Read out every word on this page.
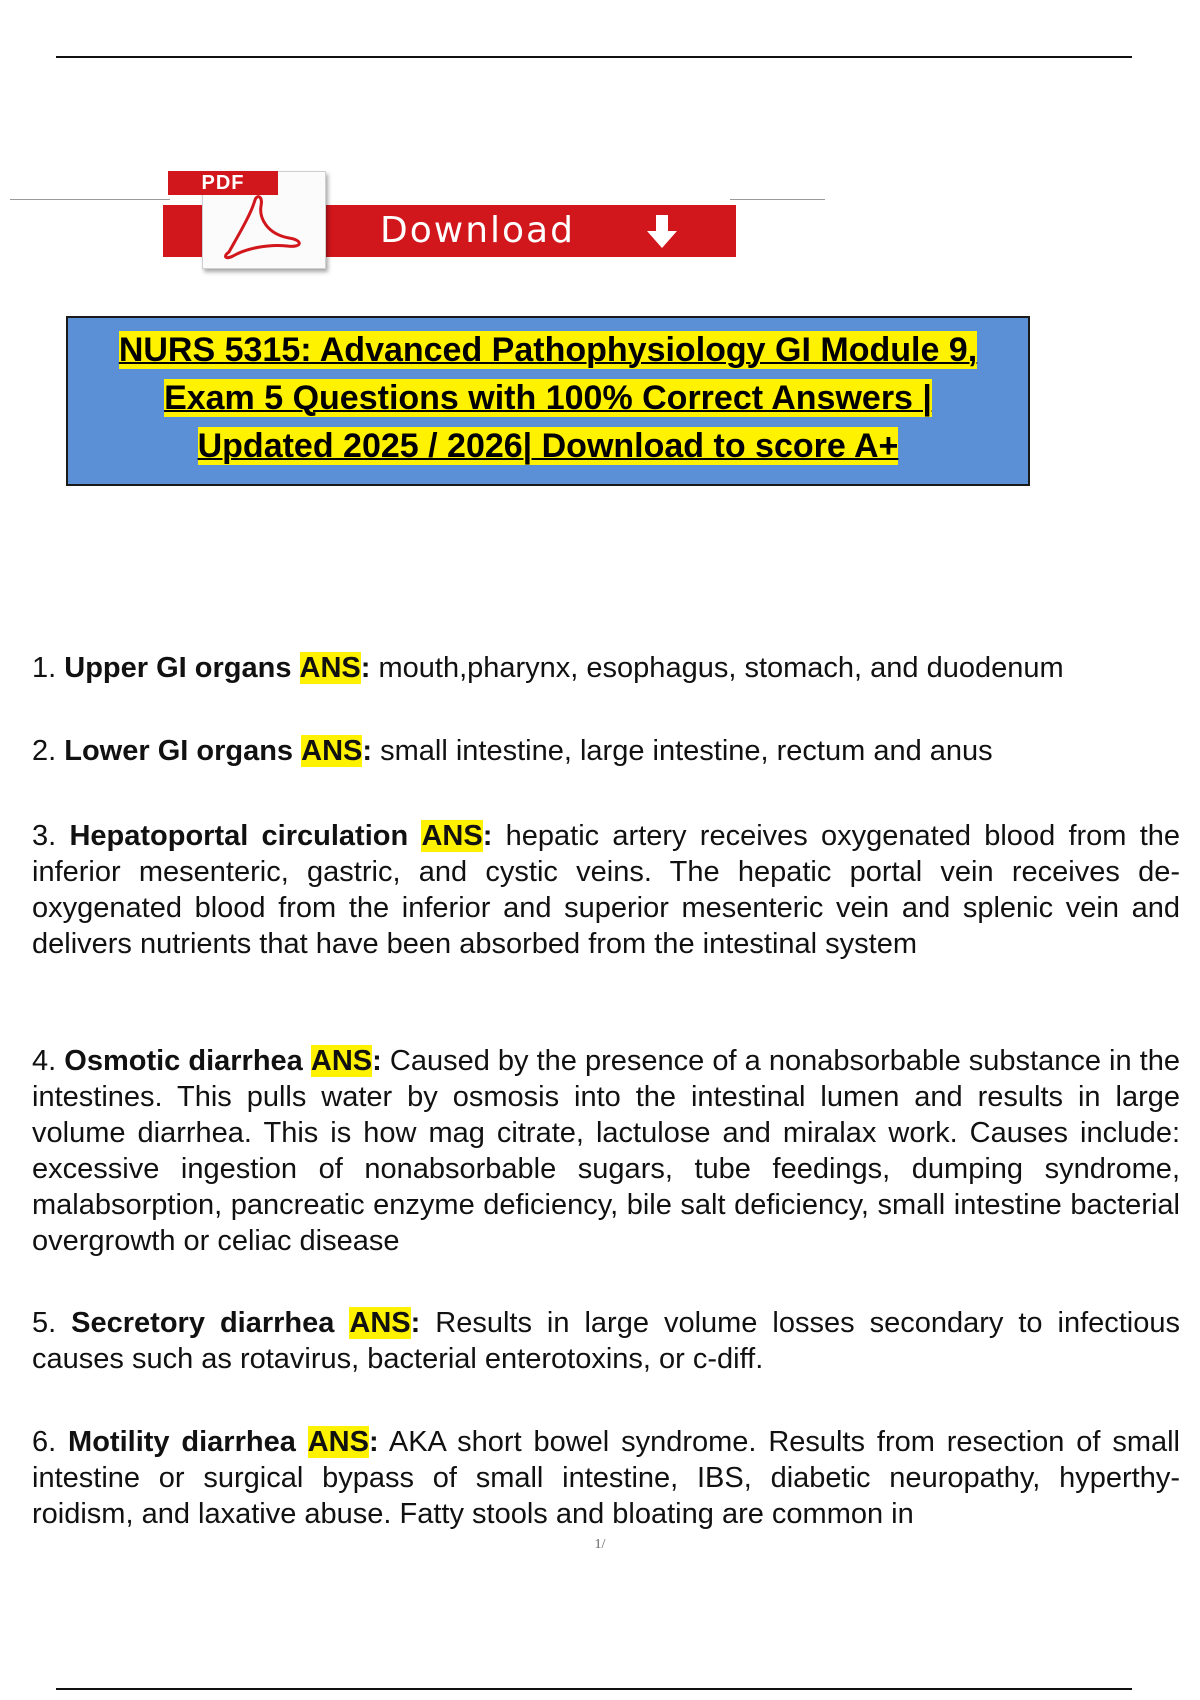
PDF
Download
NURS 5315: Advanced Pathophysiology GI Module 9,
Exam 5 Questions with 100% Correct Answers |
Updated 2025 / 2026| Download to score A+
1. Upper GI organs ANS: mouth,pharynx, esophagus, stomach, and duodenum
2. Lower GI organs ANS: small intestine, large intestine, rectum and anus
3. Hepatoportal circulation ANS: hepatic artery receives oxygenated blood from the inferior mesenteric, gastric, and cystic veins. The hepatic portal vein receives de- oxygenated blood from the inferior and superior mesenteric vein and splenic vein and delivers nutrients that have been absorbed from the intestinal system
4. Osmotic diarrhea ANS: Caused by the presence of a nonabsorbable substance in the intestines. This pulls water by osmosis into the intestinal lumen and results in large volume diarrhea. This is how mag citrate, lactulose and miralax work. Causes include: excessive ingestion of nonabsorbable sugars, tube feedings, dumping syndrome, malabsorption, pancreatic enzyme deficiency, bile salt deficiency, small intestine bacterial overgrowth or celiac disease
5. Secretory diarrhea ANS: Results in large volume losses secondary to infectious causes such as rotavirus, bacterial enterotoxins, or c-diff.
6. Motility diarrhea ANS: AKA short bowel syndrome. Results from resection of small intestine or surgical bypass of small intestine, IBS, diabetic neuropathy, hyperthy- roidism, and laxative abuse. Fatty stools and bloating are common in
1/
